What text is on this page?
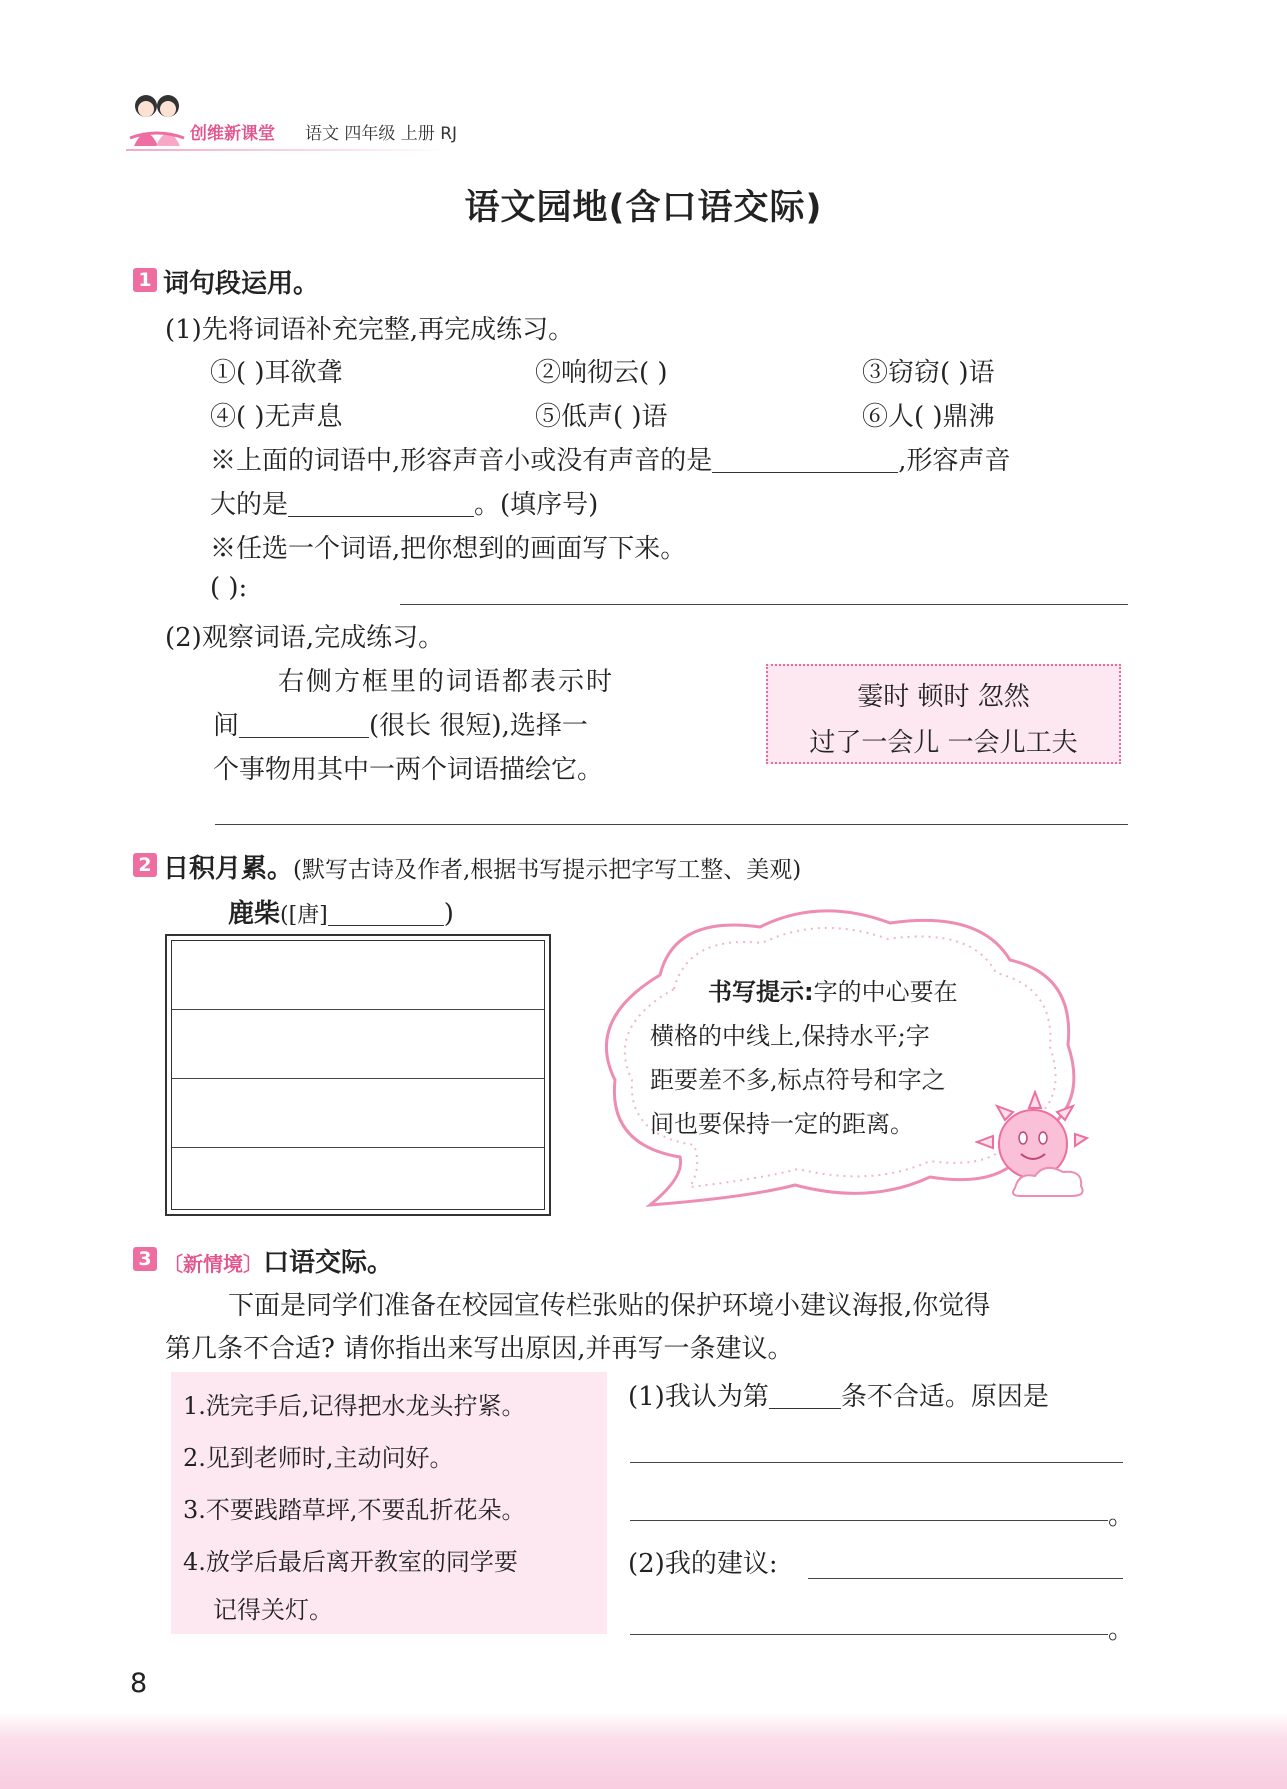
创维新课堂 语文 四年级 上册 RJ
语文园地(含口语交际)
1 词句段运用。
(1)先将词语补充完整,再完成练习。
①( )耳欲聋	②响彻云( )	③窃窃( )语
④( )无声息	⑤低声( )语	⑥人( )鼎沸
※上面的词语中,形容声音小或没有声音的是	,形容声音
大的是	。(填序号)
※任选一个词语,把你想到的画面写下来。
( ):
(2)观察词语,完成练习。
右侧方框里的词语都表示时
间	(很长 很短),选择一
个事物用其中一两个词语描绘它。
霎时 顿时 忽然
过了一会儿 一会儿工夫
2 日积月累。(默写古诗及作者,根据书写提示把字写工整、美观)
鹿柴([唐]	)
书写提示:字的中心要在
横格的中线上,保持水平;字
距要差不多,标点符号和字之
间也要保持一定的距离。
3 〔新情境〕口语交际。
下面是同学们准备在校园宣传栏张贴的保护环境小建议海报,你觉得
第几条不合适? 请你指出来写出原因,并再写一条建议。
1.洗完手后,记得把水龙头拧紧。
2.见到老师时,主动问好。
3.不要践踏草坪,不要乱折花朵。
4.放学后最后离开教室的同学要
记得关灯。
(1)我认为第	条不合适。原因是
。
(2)我的建议:
。
8
